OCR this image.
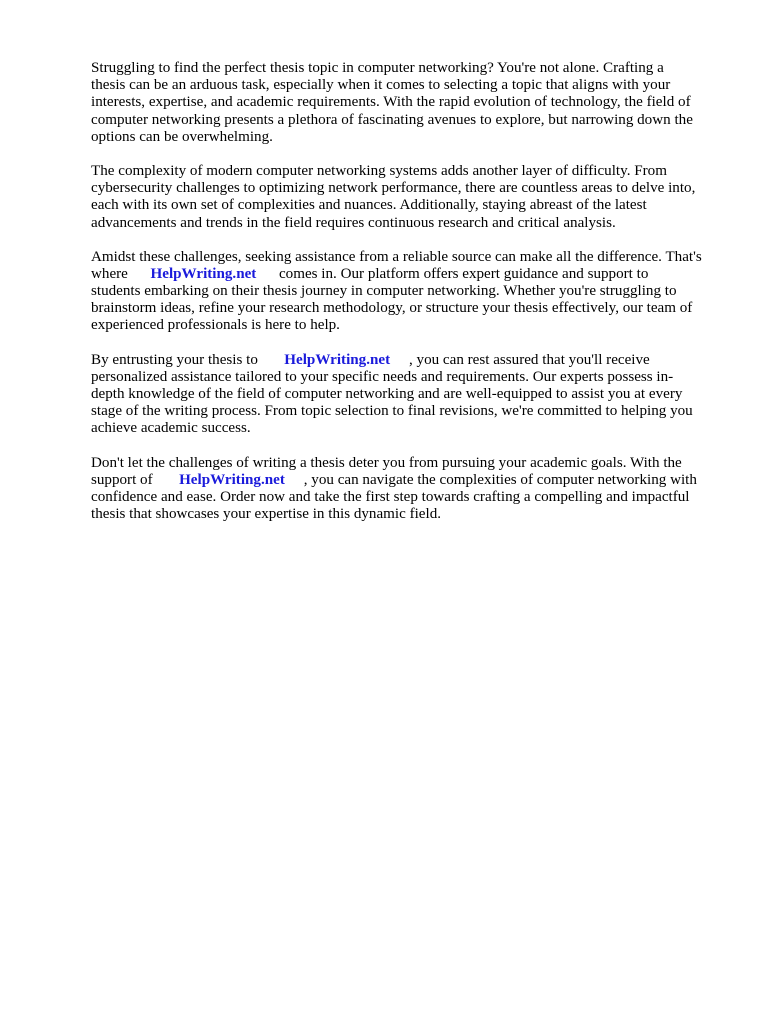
Struggling to find the perfect thesis topic in computer networking? You're not alone. Crafting a
thesis can be an arduous task, especially when it comes to selecting a topic that aligns with your
interests, expertise, and academic requirements. With the rapid evolution of technology, the field of
computer networking presents a plethora of fascinating avenues to explore, but narrowing down the
options can be overwhelming.
The complexity of modern computer networking systems adds another layer of difficulty. From
cybersecurity challenges to optimizing network performance, there are countless areas to delve into,
each with its own set of complexities and nuances. Additionally, staying abreast of the latest
advancements and trends in the field requires continuous research and critical analysis.
Amidst these challenges, seeking assistance from a reliable source can make all the difference. That's
where HelpWriting.net comes in. Our platform offers expert guidance and support to
students embarking on their thesis journey in computer networking. Whether you're struggling to
brainstorm ideas, refine your research methodology, or structure your thesis effectively, our team of
experienced professionals is here to help.
By entrusting your thesis to HelpWriting.net , you can rest assured that you'll receive
personalized assistance tailored to your specific needs and requirements. Our experts possess in-
depth knowledge of the field of computer networking and are well-equipped to assist you at every
stage of the writing process. From topic selection to final revisions, we're committed to helping you
achieve academic success.
Don't let the challenges of writing a thesis deter you from pursuing your academic goals. With the
support of HelpWriting.net , you can navigate the complexities of computer networking with
confidence and ease. Order now and take the first step towards crafting a compelling and impactful
thesis that showcases your expertise in this dynamic field.
